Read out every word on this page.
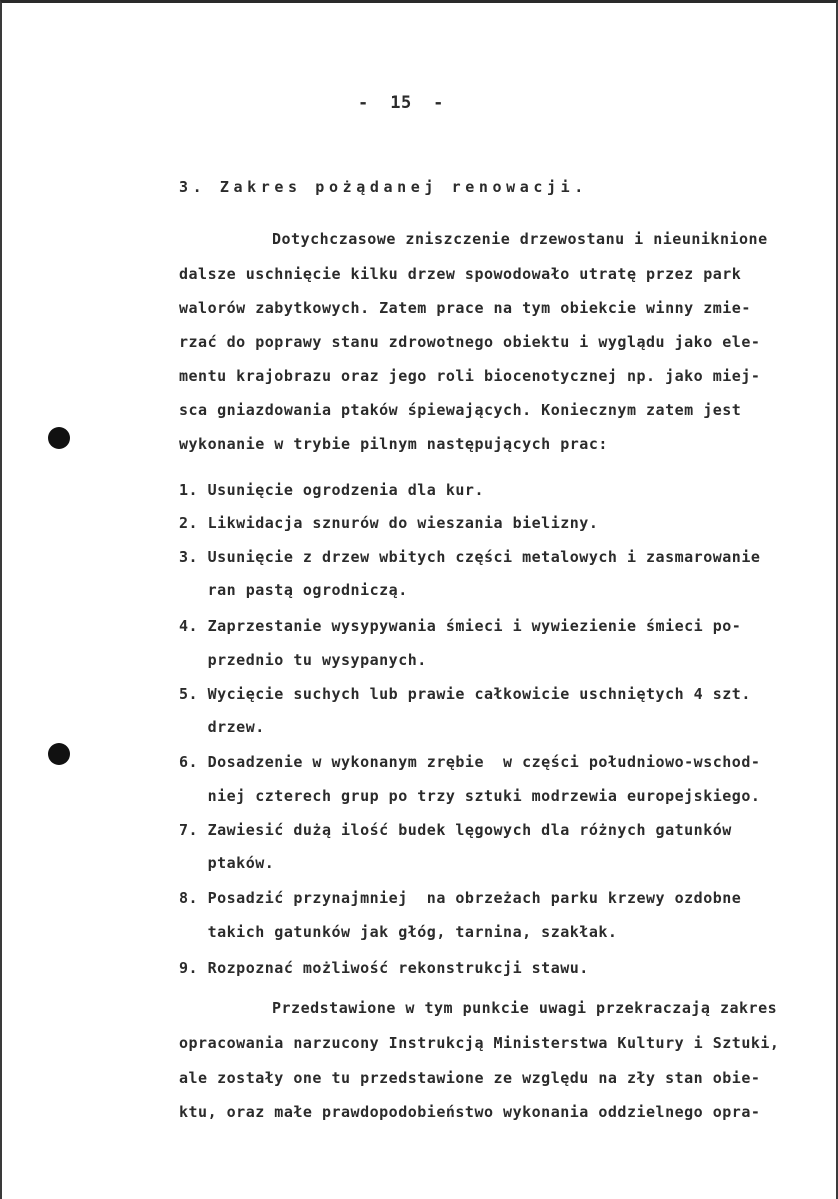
-  15  -
3. Zakres pożądanej renowacji.

Dotychczasowe zniszczenie drzewostanu i nieuniknione

dalsze uschnięcie kilku drzew spowodowało utratę przez park

walorów zabytkowych. Zatem prace na tym obiekcie winny zmie-

rzać do poprawy stanu zdrowotnego obiektu i wyglądu jako ele-

mentu krajobrazu oraz jego roli biocenotycznej np. jako miej-

sca gniazdowania ptaków śpiewających. Koniecznym zatem jest

wykonanie w trybie pilnym następujących prac:

1. Usunięcie ogrodzenia dla kur.

2. Likwidacja sznurów do wieszania bielizny.

3. Usunięcie z drzew wbitych części metalowych i zasmarowanie

ran pastą ogrodniczą.

4. Zaprzestanie wysypywania śmieci i wywiezienie śmieci po-

przednio tu wysypanych.

5. Wycięcie suchych lub prawie całkowicie uschniętych 4 szt.

drzew.

6. Dosadzenie w wykonanym zrębie  w części południowo-wschod-

niej czterech grup po trzy sztuki modrzewia europejskiego.

7. Zawiesić dużą ilość budek lęgowych dla różnych gatunków

ptaków.

8. Posadzić przynajmniej  na obrzeżach parku krzewy ozdobne

takich gatunków jak głóg, tarnina, szakłak.

9. Rozpoznać możliwość rekonstrukcji stawu.

Przedstawione w tym punkcie uwagi przekraczają zakres

opracowania narzucony Instrukcją Ministerstwa Kultury i Sztuki,

ale zostały one tu przedstawione ze względu na zły stan obie-

ktu, oraz małe prawdopodobieństwo wykonania oddzielnego opra-
